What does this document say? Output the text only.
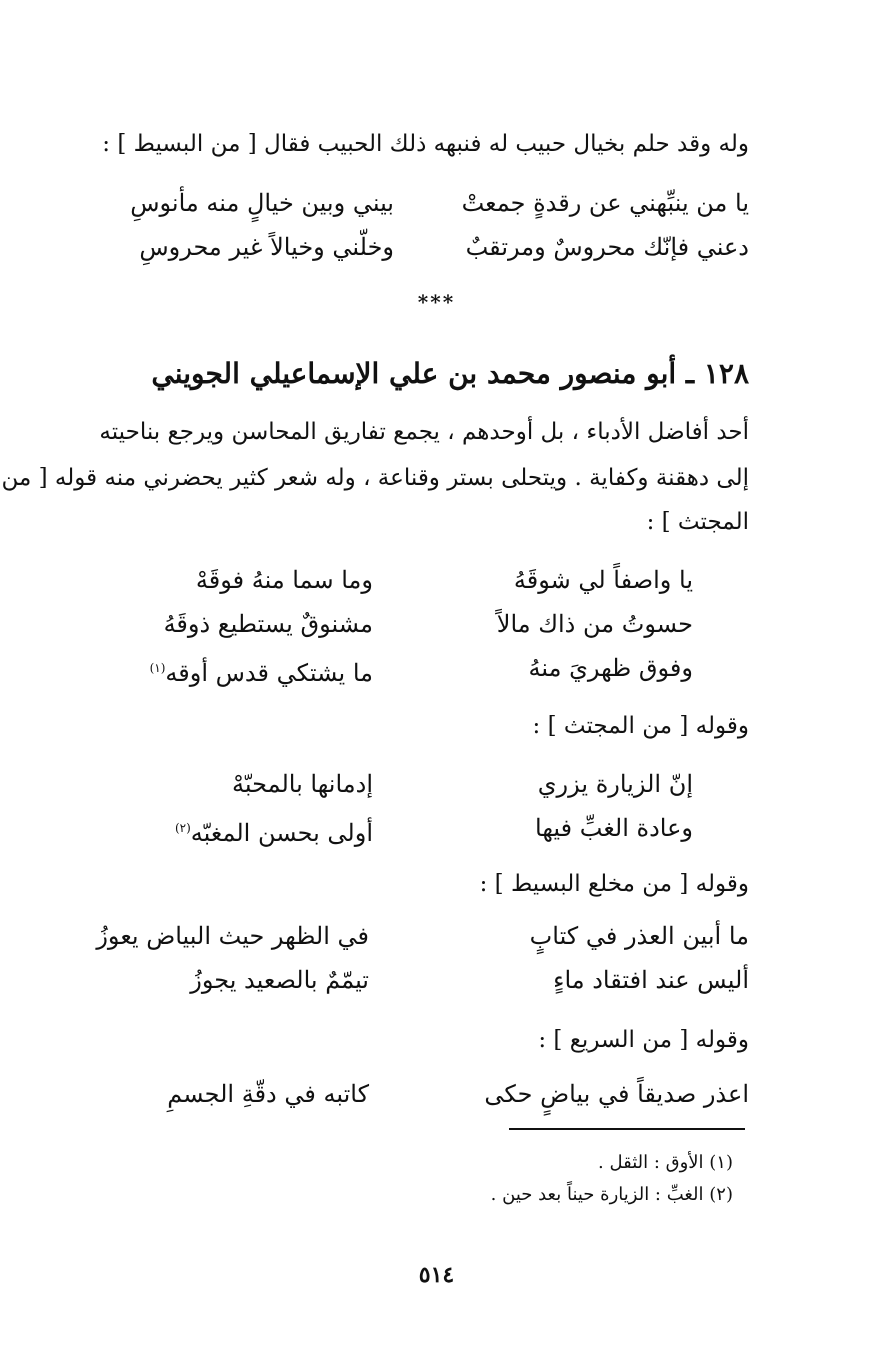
وله وقد حلم بخيال حبيب له فنبهه ذلك الحبيب فقال [ من البسيط ] :
يا من ينبِّهني عن رقدةٍ جمعتْ
بيني وبين خيالٍ منه مأنوسِ
دعني فإنّك محروسٌ ومرتقبٌ
وخلّني وخيالاً غير محروسِ
***
١٢٨ ـ أبو منصور محمد بن علي الإسماعيلي الجويني
أحد أفاضل الأدباء ، بل أوحدهم ، يجمع تفاريق المحاسن ويرجع بناحيته
إلى دهقنة وكفاية . ويتحلى بستر وقناعة ، وله شعر كثير يحضرني منه قوله [ من
المجتث ] :
يا واصفاً لي شوقَهُ
وما سما منهُ فوقَهْ
حسوتُ من ذاك مالاً
مشنوقٌ يستطيع ذوقَهُ
وفوق ظهريَ منهُ
ما يشتكي قدس أوقه$^{(١)}$
وقوله [ من المجتث ] :
إنّ الزيارة يزري
إدمانها بالمحبّهْ
وعادة الغبِّ فيها
أولى بحسن المغبّه$^{(٢)}$
وقوله [ من مخلع البسيط ] :
ما أبين العذر في كتابٍ
في الظهر حيث البياض يعوزُ
أليس عند افتقاد ماءٍ
تيمّمٌ بالصعيد يجوزُ
وقوله [ من السريع ] :
اعذر صديقاً في بياضٍ حكى
كاتبه في دقّةِ الجسمِ
(١) الأوق : الثقل .
(٢) الغبِّ : الزيارة حيناً بعد حين .
٥١٤
